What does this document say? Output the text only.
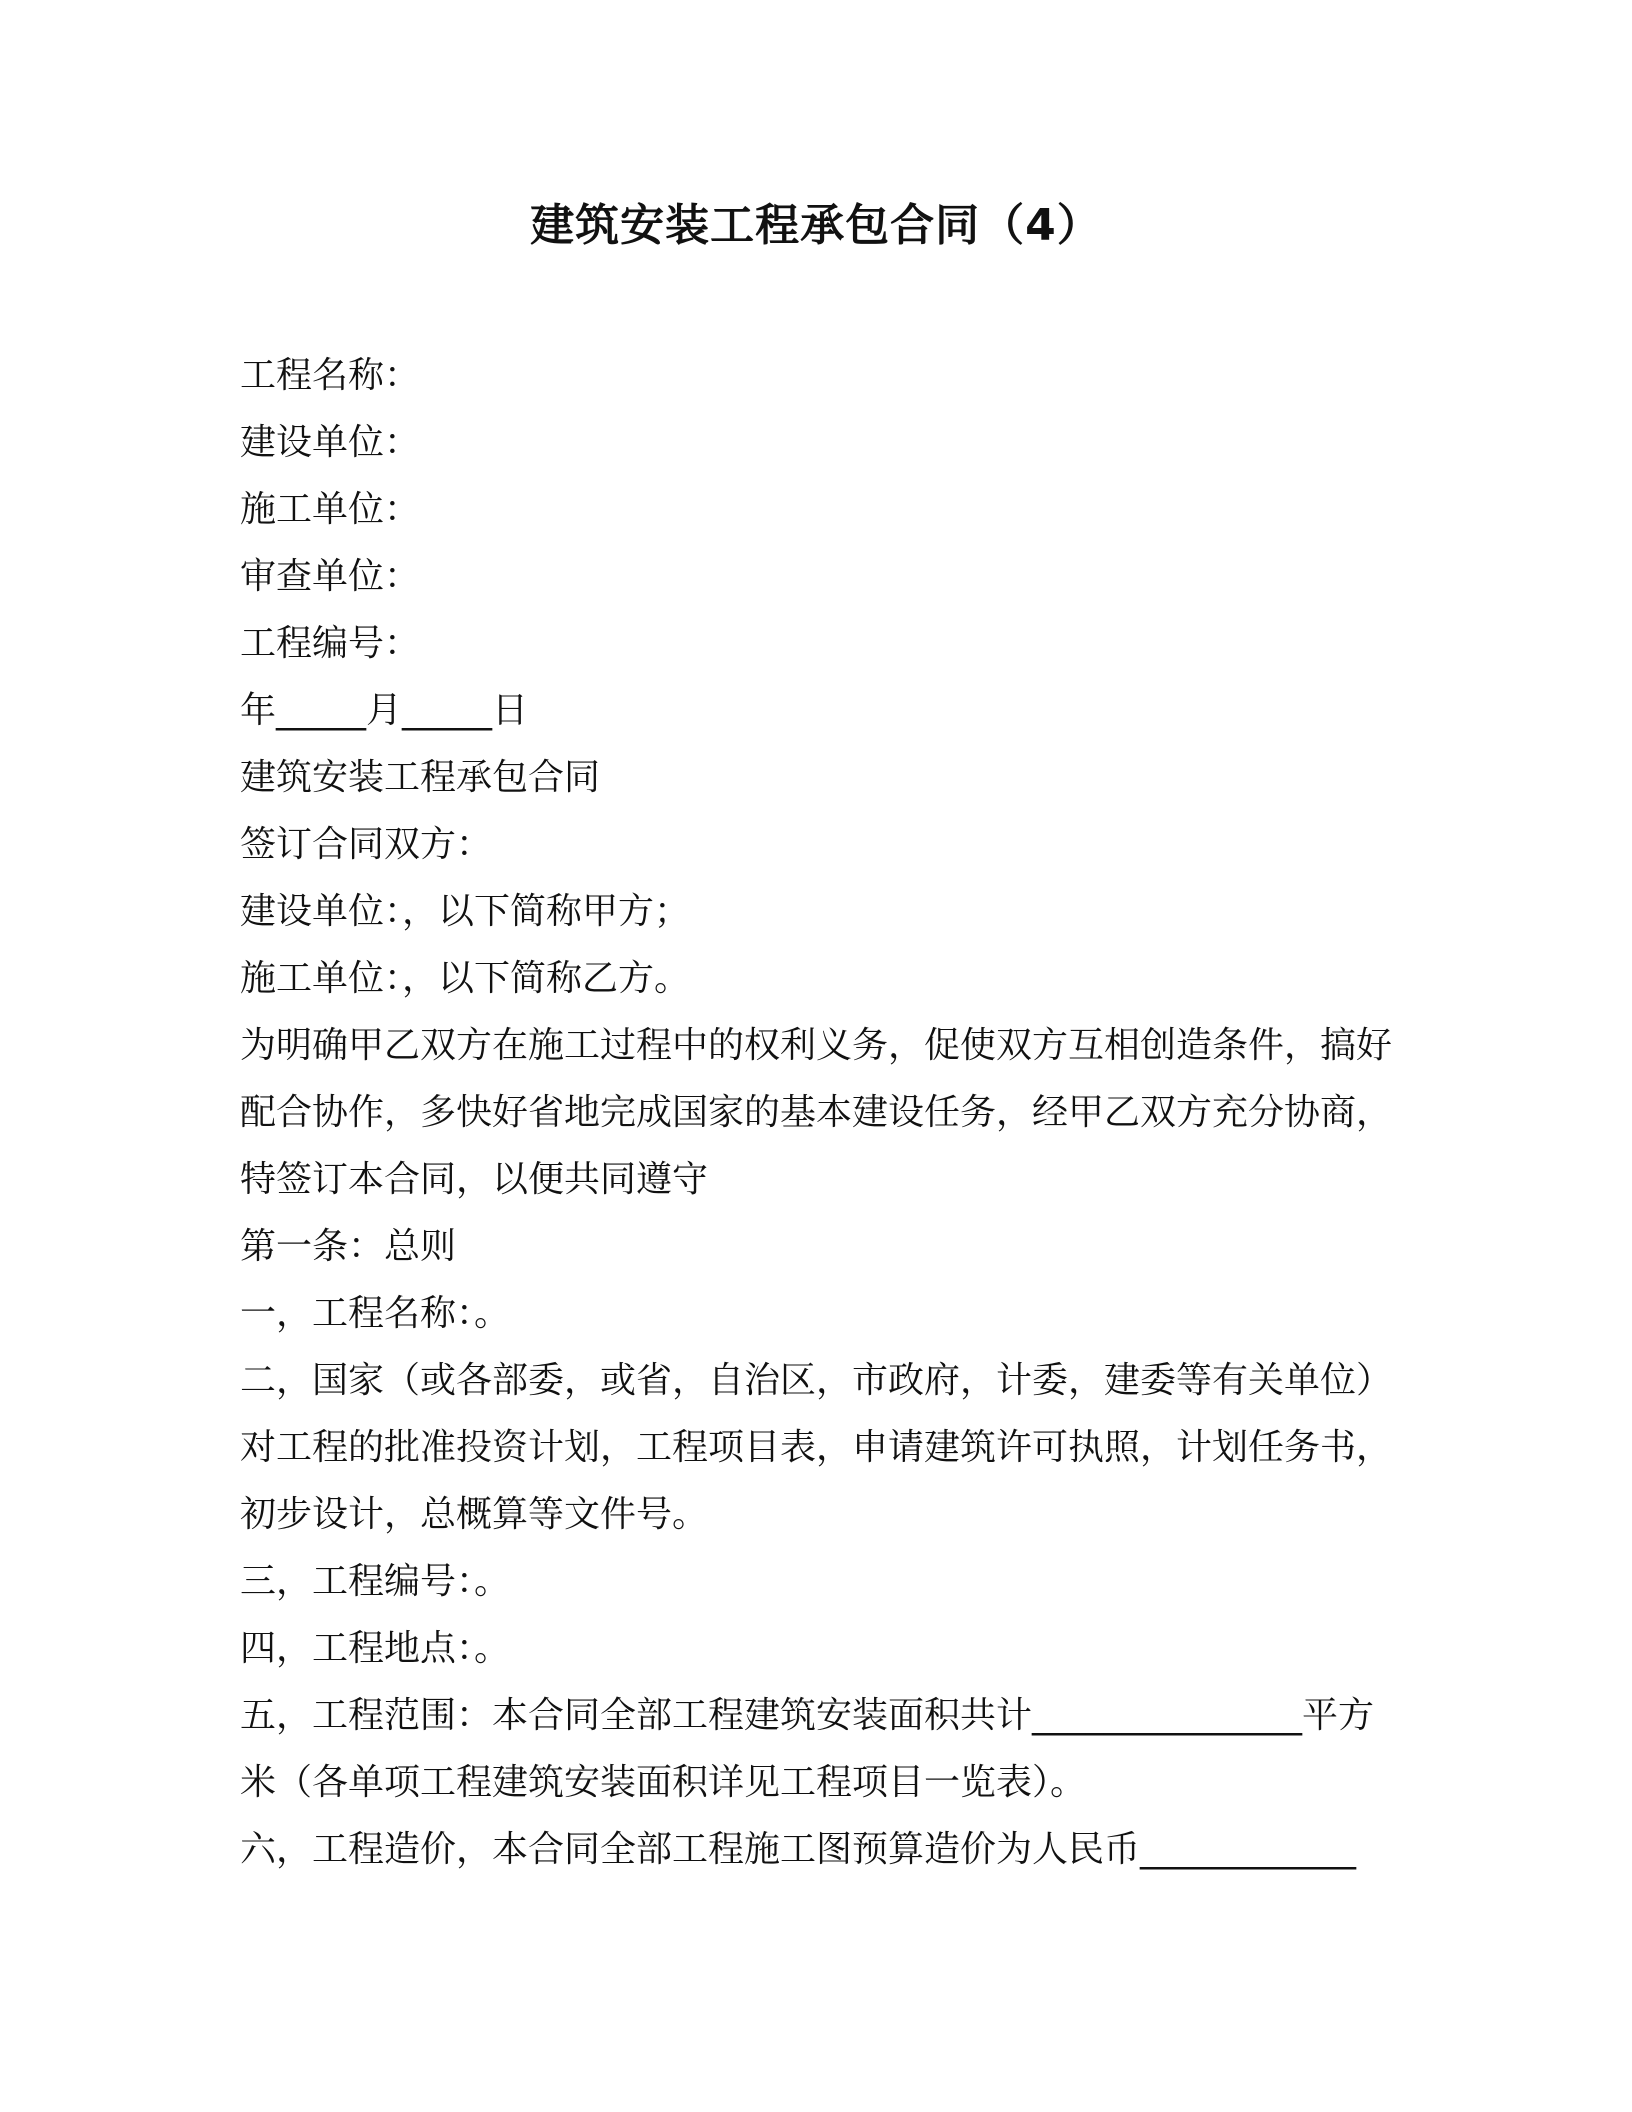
建筑安装工程承包合同（4）
工程名称：
建设单位：
施工单位：
审查单位：
工程编号：
年_____月_____日
建筑安装工程承包合同
签订合同双方：
建设单位：，以下简称甲方；
施工单位：，以下简称乙方。
为明确甲乙双方在施工过程中的权利义务，促使双方互相创造条件，搞好配合协作，多快好省地完成国家的基本建设任务，经甲乙双方充分协商，特签订本合同，以便共同遵守
第一条：总则
一，工程名称：。
二，国家（或各部委，或省，自治区，市政府，计委，建委等有关单位）对工程的批准投资计划，工程项目表，申请建筑许可执照，计划任务书，初步设计，总概算等文件号。
三，工程编号：。
四，工程地点：。
五，工程范围：本合同全部工程建筑安装面积共计_______________平方米（各单项工程建筑安装面积详见工程项目一览表）。
六，工程造价，本合同全部工程施工图预算造价为人民币____________
